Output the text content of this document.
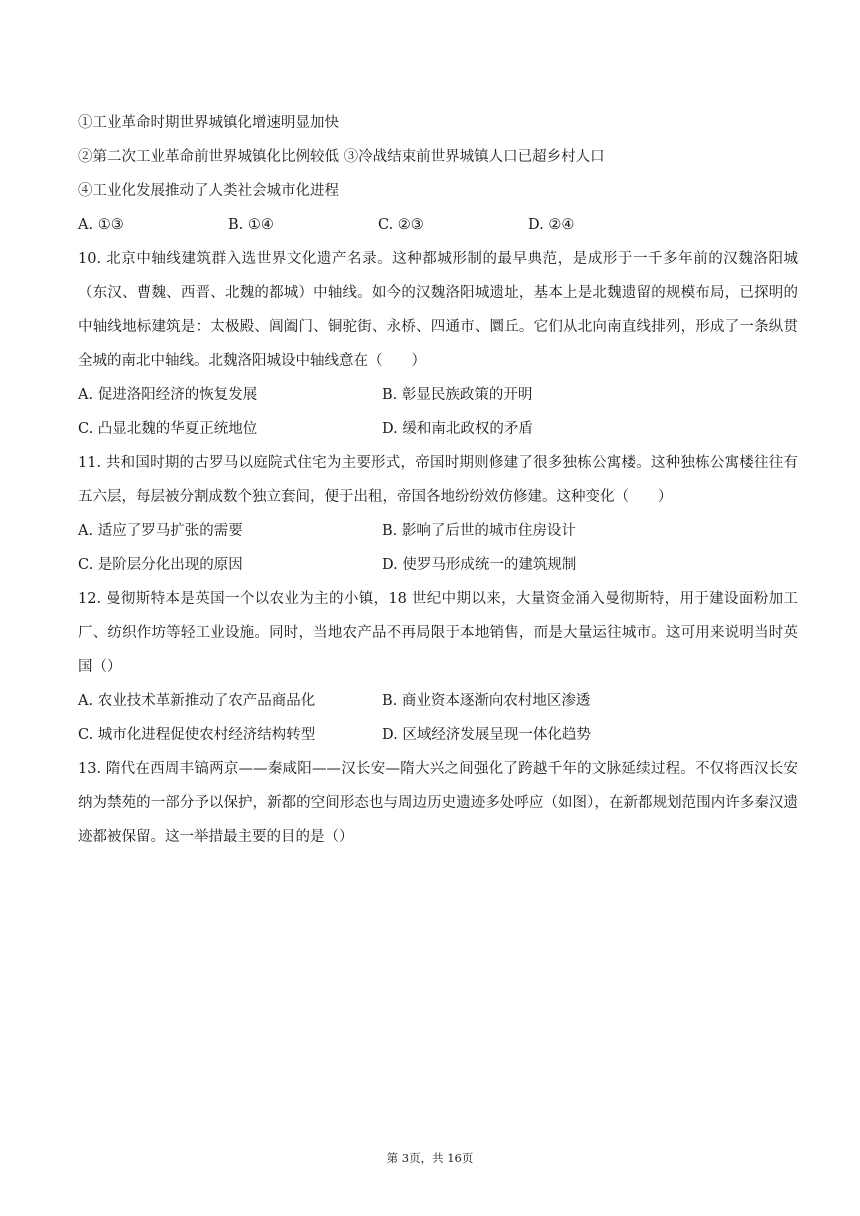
①工业革命时期世界城镇化增速明显加快
②第二次工业革命前世界城镇化比例较低 ③冷战结束前世界城镇人口已超乡村人口
④工业化发展推动了人类社会城市化进程
A. ①③	B. ①④	C. ②③	D. ②④
10. 北京中轴线建筑群入选世界文化遗产名录。这种都城形制的最早典范，是成形于一千多年前的汉魏洛阳城（东汉、曹魏、西晋、北魏的都城）中轴线。如今的汉魏洛阳城遗址，基本上是北魏遗留的规模布局，已探明的中轴线地标建筑是：太极殿、阊阖门、铜驼街、永桥、四通市、圜丘。它们从北向南直线排列，形成了一条纵贯全城的南北中轴线。北魏洛阳城设中轴线意在（　　）
A. 促进洛阳经济的恢复发展	B. 彰显民族政策的开明
C. 凸显北魏的华夏正统地位	D. 缓和南北政权的矛盾
11. 共和国时期的古罗马以庭院式住宅为主要形式，帝国时期则修建了很多独栋公寓楼。这种独栋公寓楼往往有五六层，每层被分割成数个独立套间，便于出租，帝国各地纷纷效仿修建。这种变化（　　）
A. 适应了罗马扩张的需要	B. 影响了后世的城市住房设计
C. 是阶层分化出现的原因	D. 使罗马形成统一的建筑规制
12. 曼彻斯特本是英国一个以农业为主的小镇，18 世纪中期以来，大量资金涌入曼彻斯特，用于建设面粉加工厂、纺织作坊等轻工业设施。同时，当地农产品不再局限于本地销售，而是大量运往城市。这可用来说明当时英国（）
A. 农业技术革新推动了农产品商品化	B. 商业资本逐渐向农村地区渗透
C. 城市化进程促使农村经济结构转型	D. 区域经济发展呈现一体化趋势
13. 隋代在西周丰镐两京——秦咸阳——汉长安—隋大兴之间强化了跨越千年的文脉延续过程。不仅将西汉长安纳为禁苑的一部分予以保护，新都的空间形态也与周边历史遗迹多处呼应（如图），在新都规划范围内许多秦汉遗迹都被保留。这一举措最主要的目的是（）
第 3页，共 16页
